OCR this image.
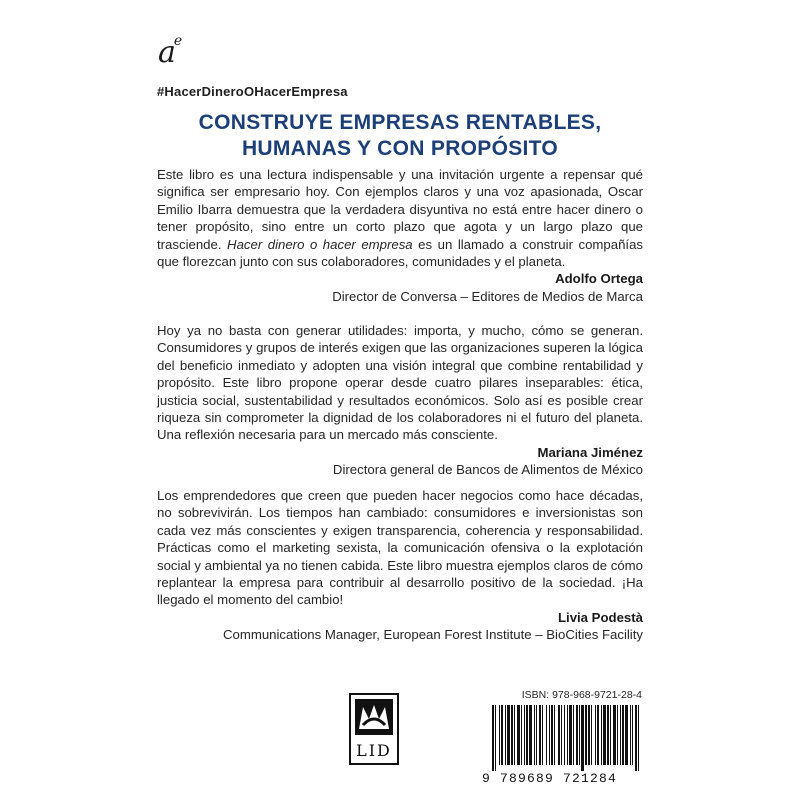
$a^e$
#HacerDineroOHacerEmpresa
CONSTRUYE EMPRESAS RENTABLES,
HUMANAS Y CON PROPÓSITO

Este libro es una lectura indispensable y una invitación urgente a repensar qué significa ser empresario hoy. Con ejemplos claros y una voz apasionada, Oscar Emilio Ibarra demuestra que la verdadera disyuntiva no está entre hacer dinero o tener propósito, sino entre un corto plazo que agota y un largo plazo que trasciende. Hacer dinero o hacer empresa es un llamado a construir compañías que florezcan junto con sus colaboradores, comunidades y el planeta.

Adolfo Ortega
Director de Conversa – Editores de Medios de Marca

Hoy ya no basta con generar utilidades: importa, y mucho, cómo se generan. Consumidores y grupos de interés exigen que las organizaciones superen la lógica del beneficio inmediato y adopten una visión integral que combine rentabilidad y propósito. Este libro propone operar desde cuatro pilares inseparables: ética, justicia social, sustentabilidad y resultados económicos. Solo así es posible crear riqueza sin comprometer la dignidad de los colaboradores ni el futuro del planeta. Una reflexión necesaria para un mercado más consciente.

Mariana Jiménez
Directora general de Bancos de Alimentos de México

Los emprendedores que creen que pueden hacer negocios como hace décadas, no sobrevivirán. Los tiempos han cambiado: consumidores e inversionistas son cada vez más conscientes y exigen transparencia, coherencia y responsabilidad. Prácticas como el marketing sexista, la comunicación ofensiva o la explotación social y ambiental ya no tienen cabida. Este libro muestra ejemplos claros de cómo replantear la empresa para contribuir al desarrollo positivo de la sociedad. ¡Ha llegado el momento del cambio!

Livia Podestà
Communications Manager, European Forest Institute – BioCities Facility
LID
ISBN: 978-968-9721-28-4
9 789689 721284
